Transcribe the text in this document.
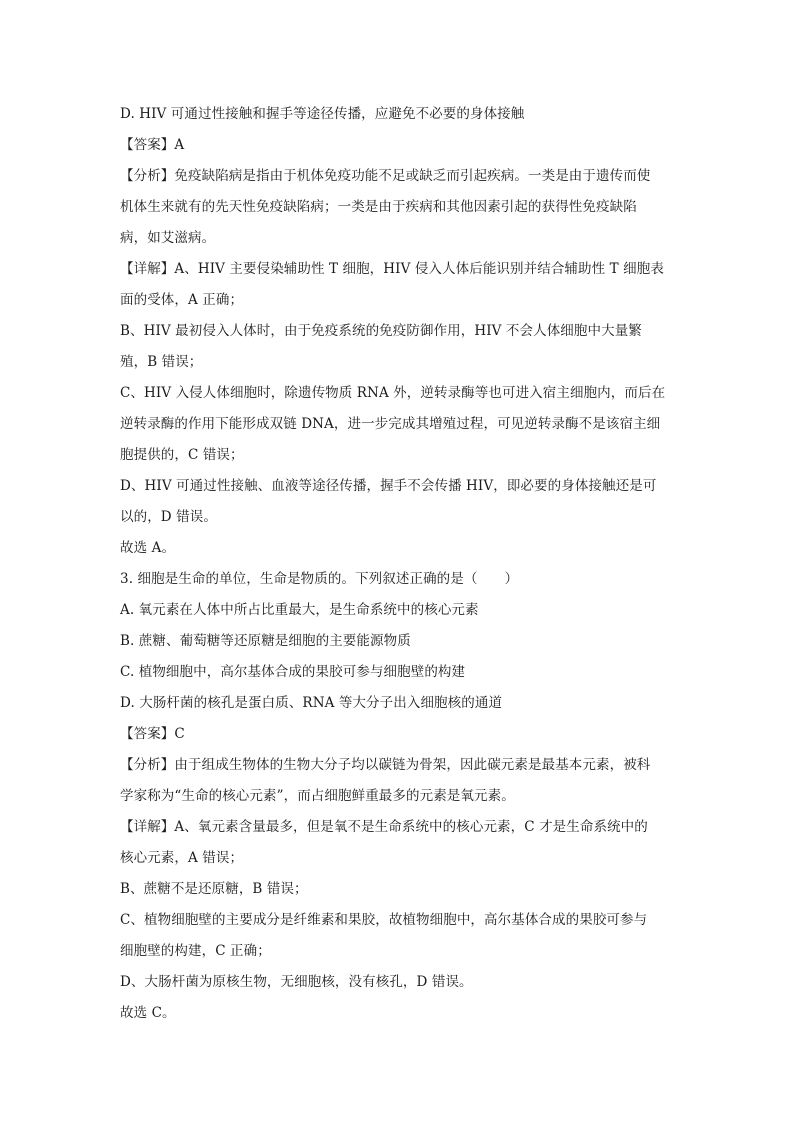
D. HIV 可通过性接触和握手等途径传播，应避免不必要的身体接触
【答案】A
【分析】免疫缺陷病是指由于机体免疫功能不足或缺乏而引起疾病。一类是由于遗传而使
机体生来就有的先天性免疫缺陷病；一类是由于疾病和其他因素引起的获得性免疫缺陷
病，如艾滋病。
【详解】A、HIV 主要侵染辅助性 T 细胞，HIV 侵入人体后能识别并结合辅助性 T 细胞表
面的受体，A 正确；
B、HIV 最初侵入人体时，由于免疫系统的免疫防御作用，HIV 不会人体细胞中大量繁
殖，B 错误；
C、HIV 入侵人体细胞时，除遗传物质 RNA 外，逆转录酶等也可进入宿主细胞内，而后在
逆转录酶的作用下能形成双链 DNA，进一步完成其增殖过程，可见逆转录酶不是该宿主细
胞提供的，C 错误；
D、HIV 可通过性接触、血液等途径传播，握手不会传播 HIV，即必要的身体接触还是可
以的，D 错误。
故选 A。
3. 细胞是生命的单位，生命是物质的。下列叙述正确的是（　　）
A. 氧元素在人体中所占比重最大，是生命系统中的核心元素
B. 蔗糖、葡萄糖等还原糖是细胞的主要能源物质
C. 植物细胞中，高尔基体合成的果胶可参与细胞壁的构建
D. 大肠杆菌的核孔是蛋白质、RNA 等大分子出入细胞核的通道
【答案】C
【分析】由于组成生物体的生物大分子均以碳链为骨架，因此碳元素是最基本元素，被科
学家称为“生命的核心元素”，而占细胞鲜重最多的元素是氧元素。
【详解】A、氧元素含量最多，但是氧不是生命系统中的核心元素，C 才是生命系统中的
核心元素，A 错误；
B、蔗糖不是还原糖，B 错误；
C、植物细胞壁的主要成分是纤维素和果胶，故植物细胞中，高尔基体合成的果胶可参与
细胞壁的构建，C 正确；
D、大肠杆菌为原核生物，无细胞核，没有核孔，D 错误。
故选 C。
